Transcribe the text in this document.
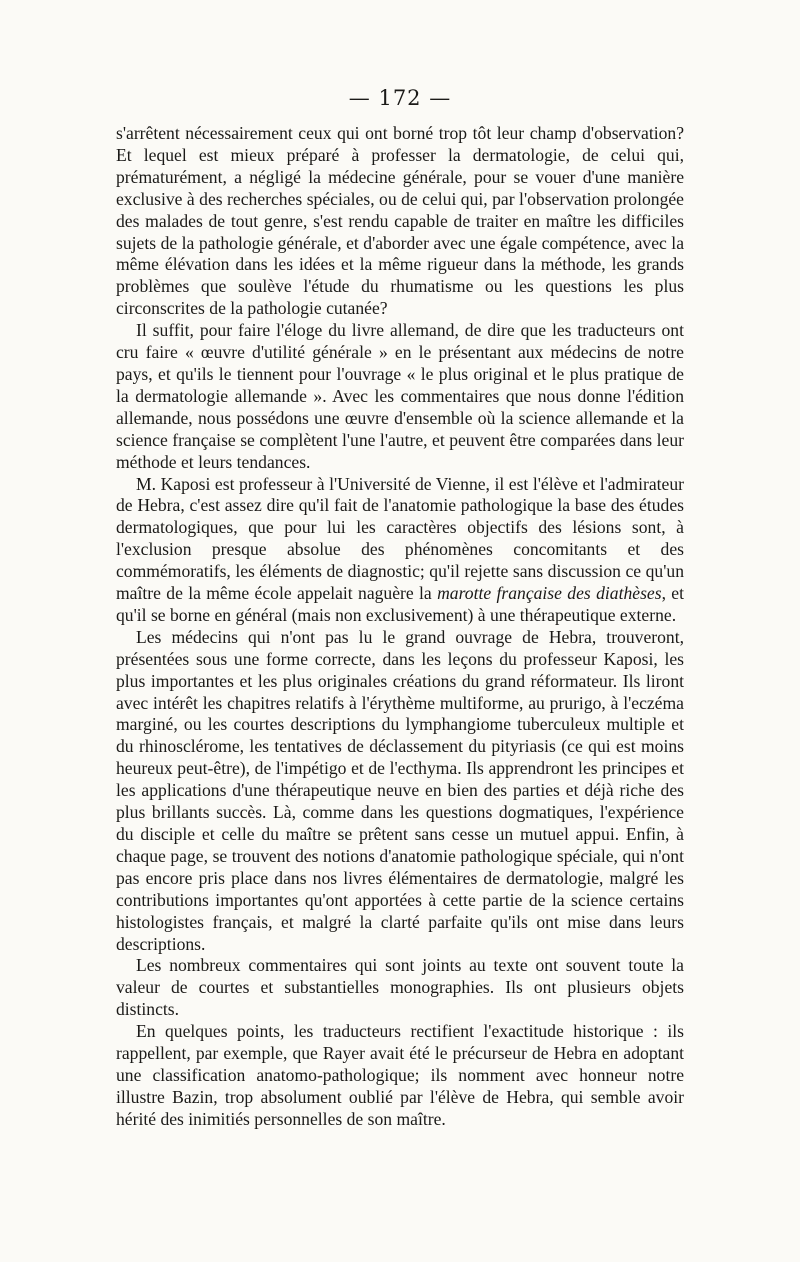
— 172 —

s'arrêtent nécessairement ceux qui ont borné trop tôt leur champ d'observation? Et lequel est mieux préparé à professer la dermatologie, de celui qui, prématurément, a négligé la médecine générale, pour se vouer d'une manière exclusive à des recherches spéciales, ou de celui qui, par l'observation prolongée des malades de tout genre, s'est rendu capable de traiter en maître les difficiles sujets de la pathologie générale, et d'aborder avec une égale compétence, avec la même élévation dans les idées et la même rigueur dans la méthode, les grands problèmes que soulève l'étude du rhumatisme ou les questions les plus circonscrites de la pathologie cutanée?

Il suffit, pour faire l'éloge du livre allemand, de dire que les traducteurs ont cru faire « œuvre d'utilité générale » en le présentant aux médecins de notre pays, et qu'ils le tiennent pour l'ouvrage « le plus original et le plus pratique de la dermatologie allemande ». Avec les commentaires que nous donne l'édition allemande, nous possédons une œuvre d'ensemble où la science allemande et la science française se complètent l'une l'autre, et peuvent être comparées dans leur méthode et leurs tendances.

M. Kaposi est professeur à l'Université de Vienne, il est l'élève et l'admirateur de Hebra, c'est assez dire qu'il fait de l'anatomie pathologique la base des études dermatologiques, que pour lui les caractères objectifs des lésions sont, à l'exclusion presque absolue des phénomènes concomitants et des commémoratifs, les éléments de diagnostic; qu'il rejette sans discussion ce qu'un maître de la même école appelait naguère la marotte française des diathèses, et qu'il se borne en général (mais non exclusivement) à une thérapeutique externe.

Les médecins qui n'ont pas lu le grand ouvrage de Hebra, trouveront, présentées sous une forme correcte, dans les leçons du professeur Kaposi, les plus importantes et les plus originales créations du grand réformateur. Ils liront avec intérêt les chapitres relatifs à l'érythème multiforme, au prurigo, à l'eczéma marginé, ou les courtes descriptions du lymphangiome tuberculeux multiple et du rhinosclérome, les tentatives de déclassement du pityriasis (ce qui est moins heureux peut-être), de l'impétigo et de l'ecthyma. Ils apprendront les principes et les applications d'une thérapeutique neuve en bien des parties et déjà riche des plus brillants succès. Là, comme dans les questions dogmatiques, l'expérience du disciple et celle du maître se prêtent sans cesse un mutuel appui. Enfin, à chaque page, se trouvent des notions d'anatomie pathologique spéciale, qui n'ont pas encore pris place dans nos livres élémentaires de dermatologie, malgré les contributions importantes qu'ont apportées à cette partie de la science certains histologistes français, et malgré la clarté parfaite qu'ils ont mise dans leurs descriptions.

Les nombreux commentaires qui sont joints au texte ont souvent toute la valeur de courtes et substantielles monographies. Ils ont plusieurs objets distincts.

En quelques points, les traducteurs rectifient l'exactitude historique : ils rappellent, par exemple, que Rayer avait été le précurseur de Hebra en adoptant une classification anatomo-pathologique; ils nomment avec honneur notre illustre Bazin, trop absolument oublié par l'élève de Hebra, qui semble avoir hérité des inimitiés personnelles de son maître.
